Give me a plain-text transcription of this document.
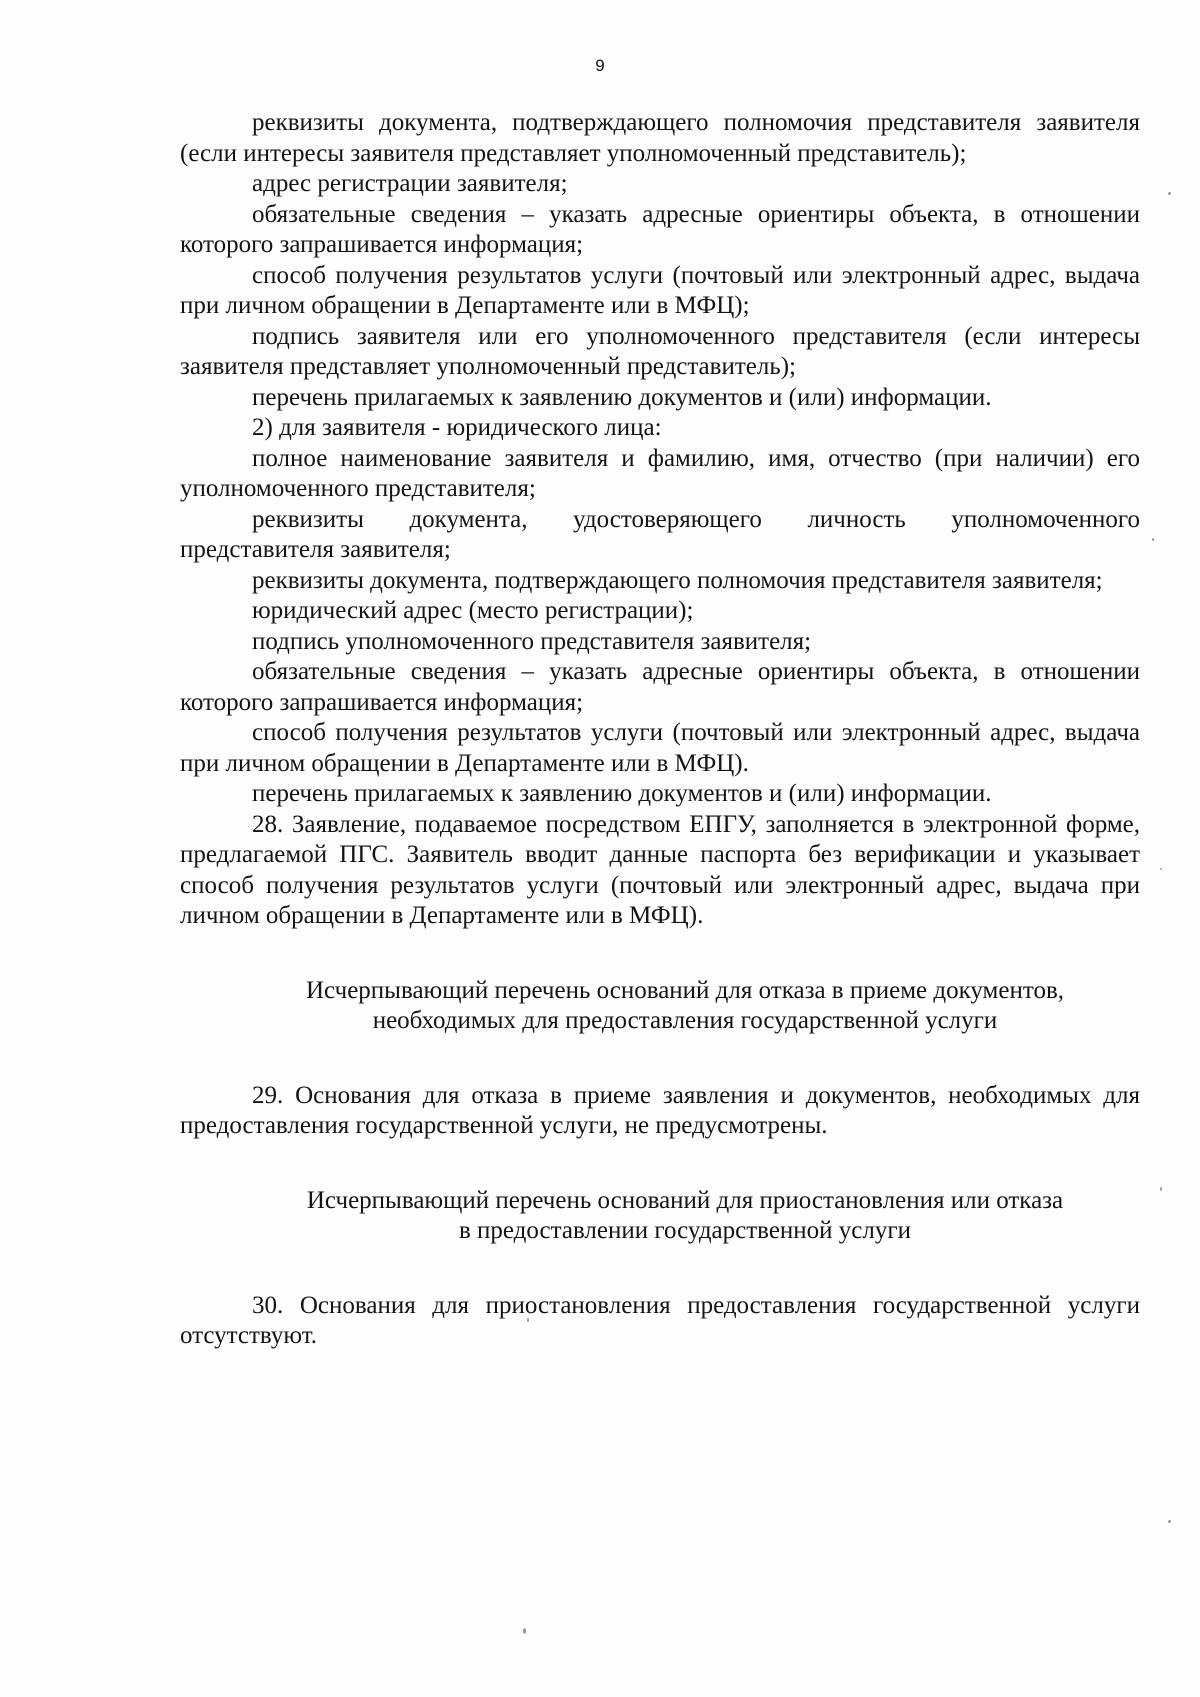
9

реквизиты документа, подтверждающего полномочия представителя заявителя (если интересы заявителя представляет уполномоченный представитель);

адрес регистрации заявителя;

обязательные сведения – указать адресные ориентиры объекта, в отношении которого запрашивается информация;

способ получения результатов услуги (почтовый или электронный адрес, выдача при личном обращении в Департаменте или в МФЦ);

подпись заявителя или его уполномоченного представителя (если интересы заявителя представляет уполномоченный представитель);

перечень прилагаемых к заявлению документов и (или) информации.

2) для заявителя - юридического лица:

полное наименование заявителя и фамилию, имя, отчество (при наличии) его уполномоченного представителя;

реквизиты документа, удостоверяющего личность уполномоченного представителя заявителя;

реквизиты документа, подтверждающего полномочия представителя заявителя;

юридический адрес (место регистрации);

подпись уполномоченного представителя заявителя;

обязательные сведения – указать адресные ориентиры объекта, в отношении которого запрашивается информация;

способ получения результатов услуги (почтовый или электронный адрес, выдача при личном обращении в Департаменте или в МФЦ).

перечень прилагаемых к заявлению документов и (или) информации.

28. Заявление, подаваемое посредством ЕПГУ, заполняется в электронной форме, предлагаемой ПГС. Заявитель вводит данные паспорта без верификации и указывает способ получения результатов услуги (почтовый или электронный адрес, выдача при личном обращении в Департаменте или в МФЦ).

Исчерпывающий перечень оснований для отказа в приеме документов,

необходимых для предоставления государственной услуги

29. Основания для отказа в приеме заявления и документов, необходимых для предоставления государственной услуги, не предусмотрены.

Исчерпывающий перечень оснований для приостановления или отказа

в предоставлении государственной услуги

30. Основания для приостановления предоставления государственной услуги отсутствуют.
